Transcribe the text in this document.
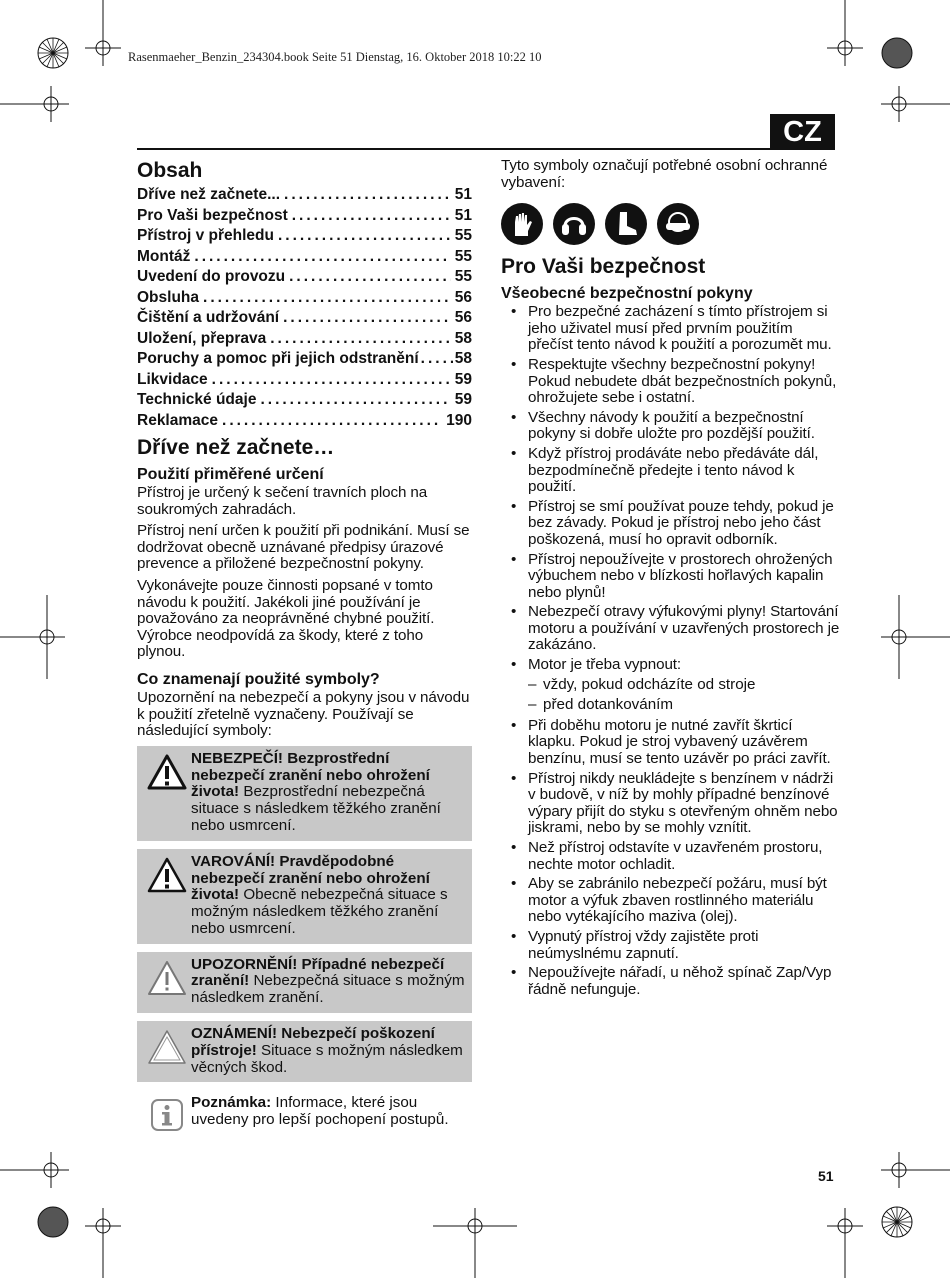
Rasenmaeher_Benzin_234304.book Seite 51 Dienstag, 16. Oktober 2018 10:22 10
CZ
Obsah
Dříve než začnete... .....	51
Pro Vaši bezpečnost .....	51
Přístroj v přehledu .....	55
Montáž .....	55
Uvedení do provozu .....	55
Obsluha .....	56
Čištění a udržování .....	56
Uložení, přeprava .....	58
Poruchy a pomoc při jejich odstranění ..... 58
Likvidace .....	59
Technické údaje .....	59
Reklamace .....	190
Dříve než začnete…
Použití přiměřené určení

Přístroj je určený k sečení travních ploch na soukromých zahradách.

Přístroj není určen k použití při podnikání. Musí se dodržovat obecně uznávané předpisy úrazové prevence a přiložené bezpečnostní pokyny.

Vykonávejte pouze činnosti popsané v tomto návodu k použití. Jakékoli jiné používání je považováno za neoprávněné chybné použití. Výrobce neodpovídá za škody, které z toho plynou.

Co znamenají použité symboly?

Upozornění na nebezpečí a pokyny jsou v návodu k použití zřetelně vyznačeny. Používají se následující symboly:

NEBEZPEČÍ! Bezprostřední nebezpečí zranění nebo ohrožení života! Bezprostřední nebezpečná situace s následkem těžkého zranění nebo usmrcení.
VAROVÁNÍ! Pravděpodobné nebezpečí zranění nebo ohrožení života! Obecně nebezpečná situace s možným následkem těžkého zranění nebo usmrcení.
UPOZORNĚNÍ! Případné nebezpečí zranění! Nebezpečná situace s možným následkem zranění.
OZNÁMENÍ! Nebezpečí poškození přístroje! Situace s možným následkem věcných škod.
Poznámka: Informace, které jsou uvedeny pro lepší pochopení postupů.

Tyto symboly označují potřebné osobní ochranné vybavení:

Pro Vaši bezpečnost
Všeobecné bezpečnostní pokyny
• Pro bezpečné zacházení s tímto přístrojem si jeho uživatel musí před prvním použitím přečíst tento návod k použití a porozumět mu.
• Respektujte všechny bezpečnostní pokyny! Pokud nebudete dbát bezpečnostních pokynů, ohrožujete sebe i ostatní.
• Všechny návody k použití a bezpečnostní pokyny si dobře uložte pro pozdější použití.
• Když přístroj prodáváte nebo předáváte dál, bezpodmínečně předejte i tento návod k použití.
• Přístroj se smí používat pouze tehdy, pokud je bez závady. Pokud je přístroj nebo jeho část poškozená, musí ho opravit odborník.
• Přístroj nepoužívejte v prostorech ohrožených výbuchem nebo v blízkosti hořlavých kapalin nebo plynů!
• Nebezpečí otravy výfukovými plyny! Startování motoru a používání v uzavřených prostorech je zakázáno.
• Motor je třeba vypnout:
– vždy, pokud odcházíte od stroje
– před dotankováním
• Při doběhu motoru je nutné zavřít škrticí klapku. Pokud je stroj vybavený uzávěrem benzínu, musí se tento uzávěr po práci zavřít.
• Přístroj nikdy neukládejte s benzínem v nádrži v budově, v níž by mohly případné benzínové výpary přijít do styku s otevřeným ohněm nebo jiskrami, nebo by se mohly vznítit.
• Než přístroj odstavíte v uzavřeném prostoru, nechte motor ochladit.
• Aby se zabránilo nebezpečí požáru, musí být motor a výfuk zbaven rostlinného materiálu nebo vytékajícího maziva (olej).
• Vypnutý přístroj vždy zajistěte proti neúmyslnému zapnutí.
• Nepoužívejte nářadí, u něhož spínač Zap/Vyp řádně nefunguje.
51
